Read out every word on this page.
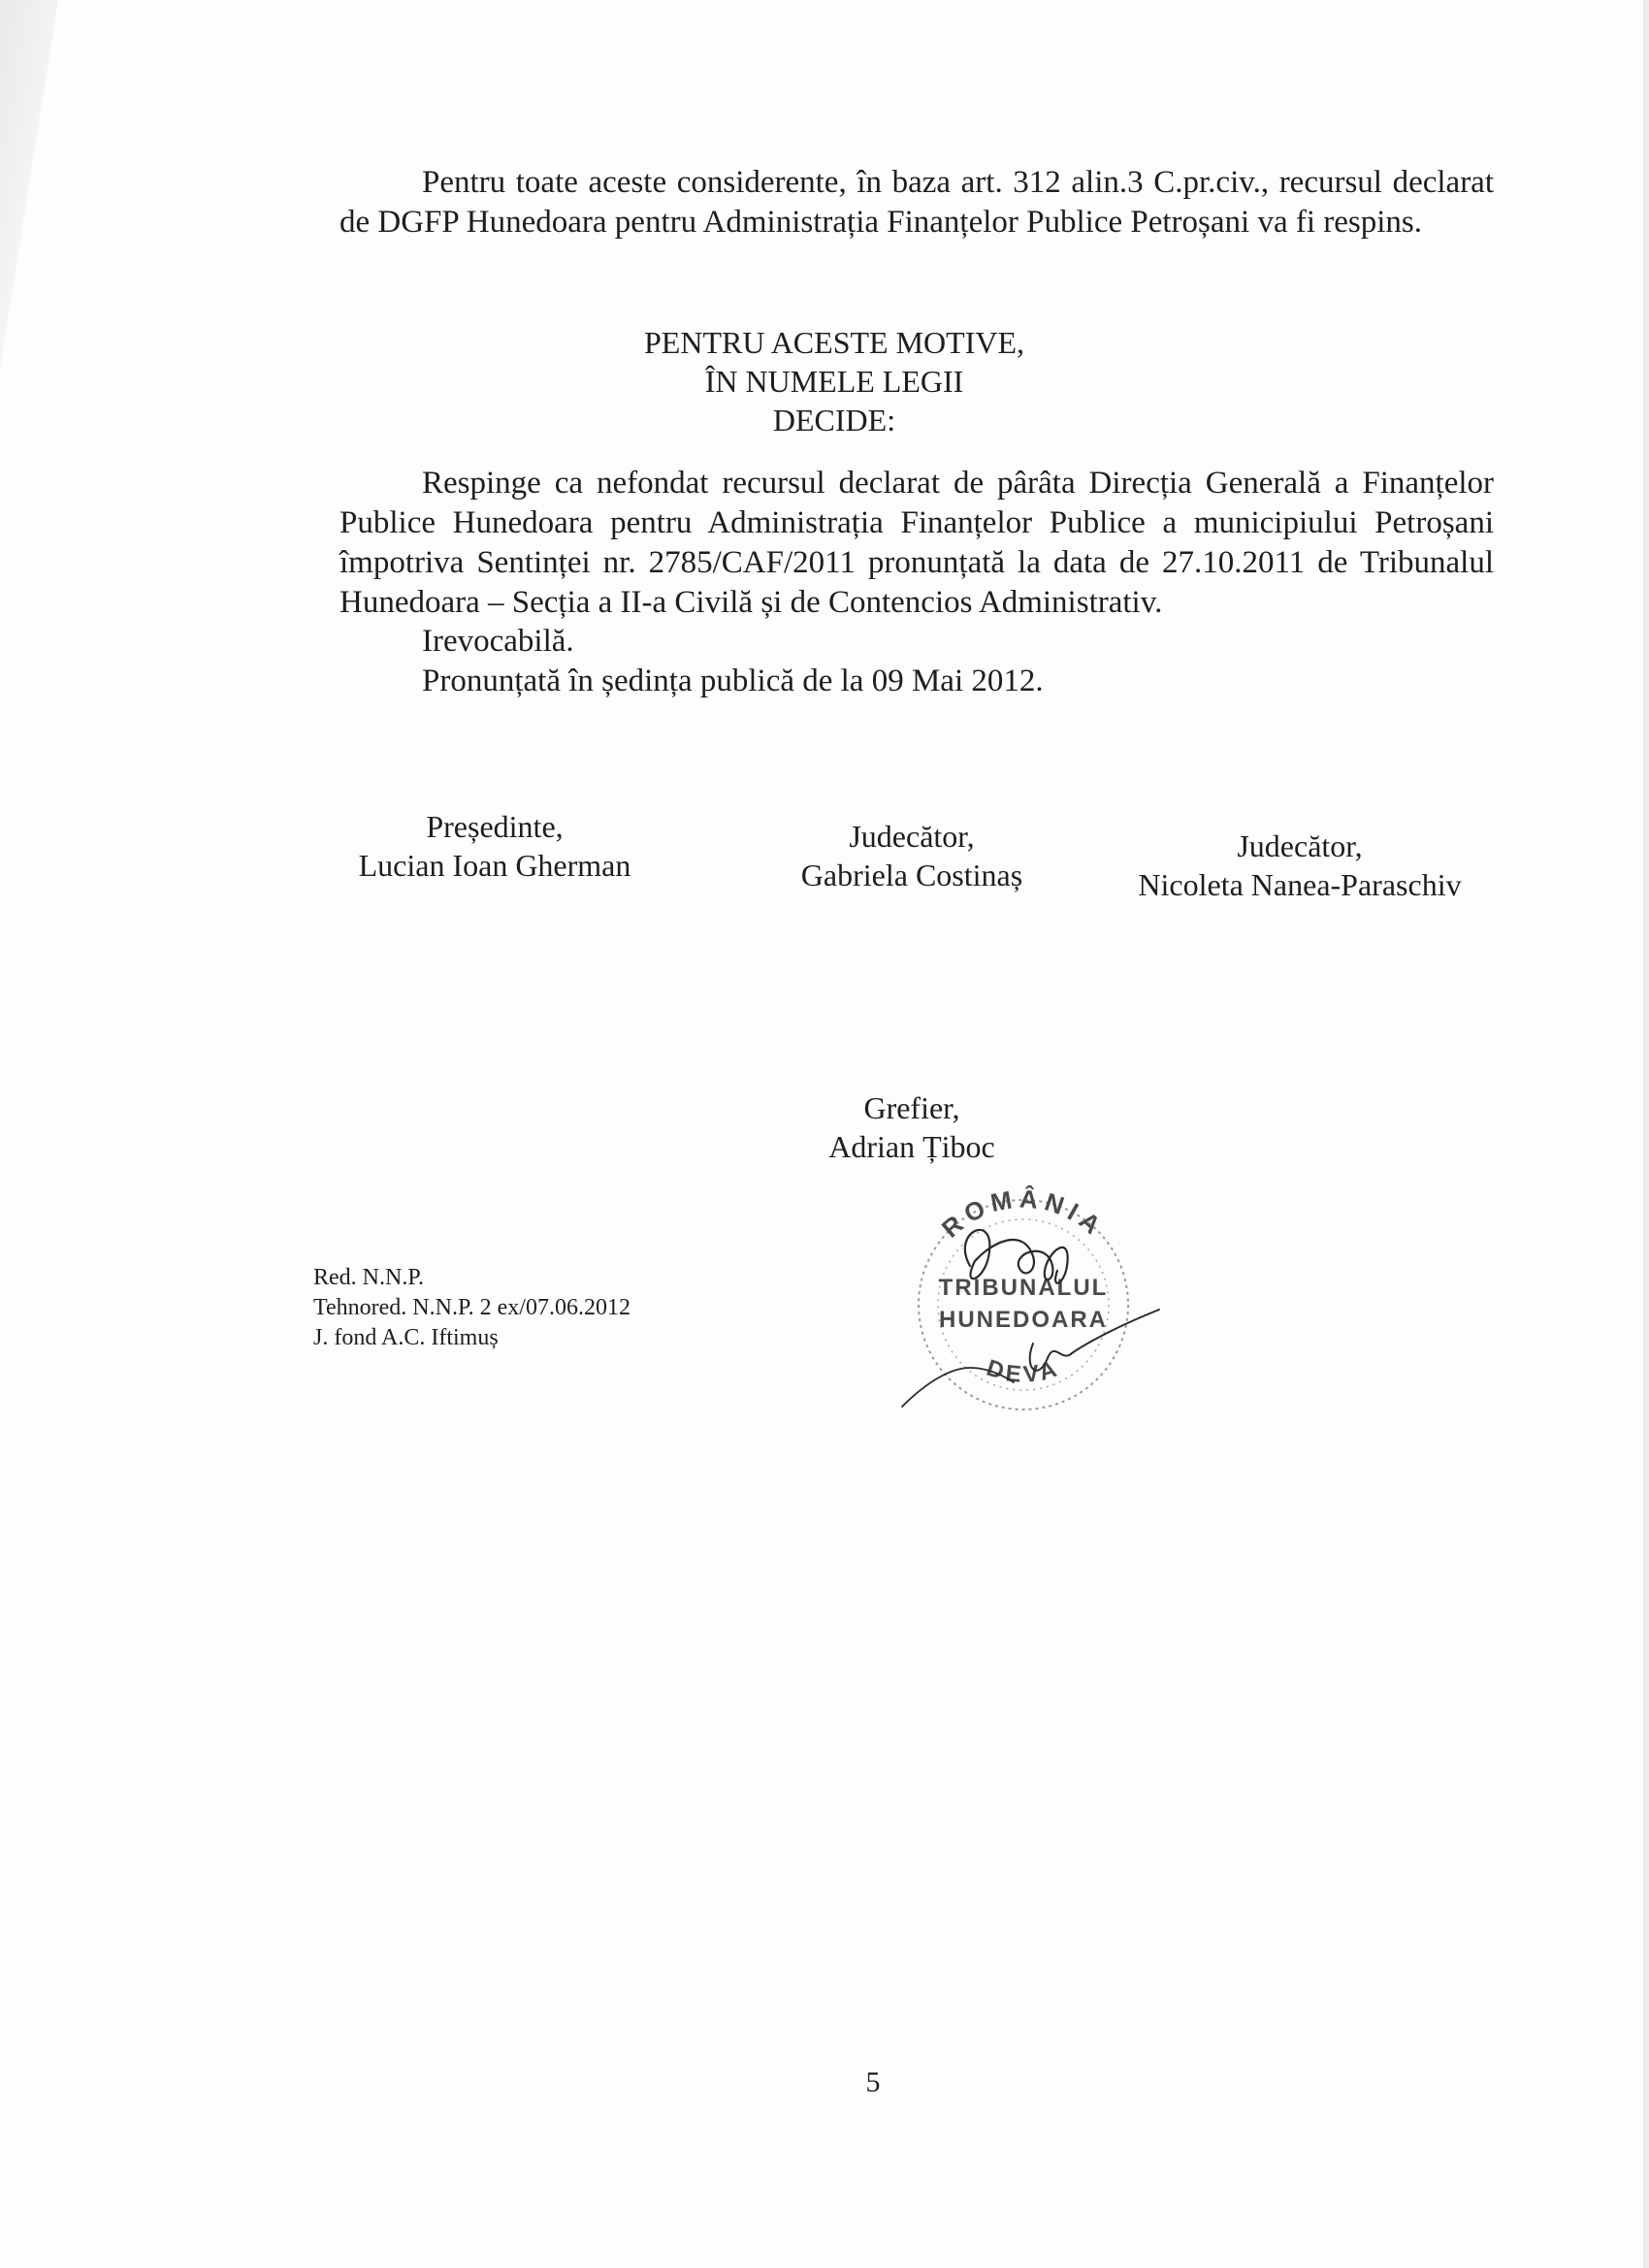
Pentru toate aceste considerente, în baza art. 312 alin.3 C.pr.civ., recursul declarat de DGFP Hunedoara pentru Administrația Finanțelor Publice Petroșani va fi respins.

PENTRU ACESTE MOTIVE,
ÎN NUMELE LEGII
DECIDE:

Respinge ca nefondat recursul declarat de pârâta Direcția Generală a Finanțelor Publice Hunedoara pentru Administrația Finanțelor Publice a municipiului Petroșani împotriva Sentinței nr. 2785/CAF/2011 pronunțată la data de 27.10.2011 de Tribunalul Hunedoara – Secția a II-a Civilă și de Contencios Administrativ.

Irevocabilă.

Pronunțată în ședința publică de la 09 Mai 2012.

Președinte,
Lucian Ioan Gherman
Judecător,
Gabriela Costinaș
Judecător,
Nicoleta Nanea-Paraschiv
Grefier,
Adrian Țiboc
ROMÂNIA
DEVA
TRIBUNALUL
HUNEDOARA
Red. N.N.P.
Tehnored. N.N.P. 2 ex/07.06.2012
J. fond A.C. Iftimuș
5
